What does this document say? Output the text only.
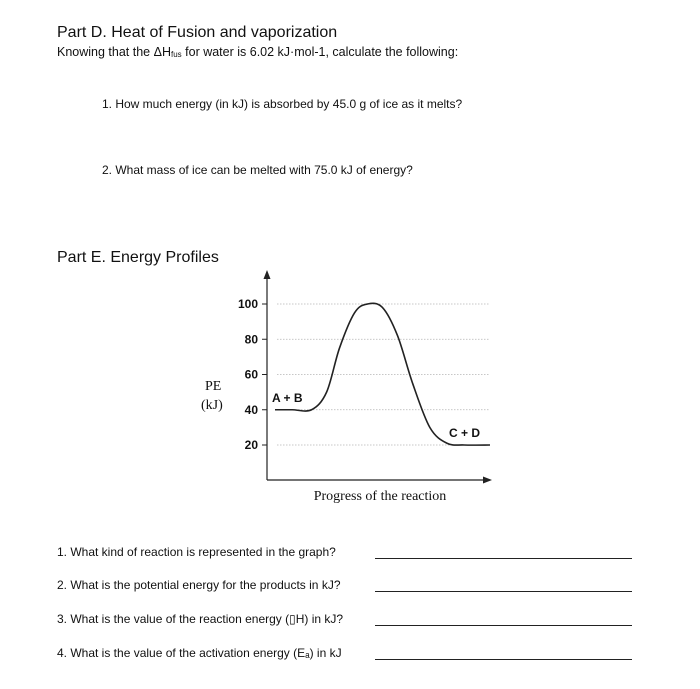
Part D. Heat of Fusion and vaporization
Knowing that the $\Delta H_{fus}$ for water is 6.02 kJ·mol-1, calculate the following:
1. How much energy (in kJ) is absorbed by 45.0 g of ice as it melts?
2. What mass of ice can be melted with 75.0 kJ of energy?
Part E. Energy Profiles
100
80
60
40
20
PE
(kJ)
Progress of the reaction
A + B
C + D
1. What kind of reaction is represented in the graph?
2. What is the potential energy for the products in kJ?
3. What is the value of the reaction energy (▯H) in kJ?
4. What is the value of the activation energy (Eₐ) in kJ
